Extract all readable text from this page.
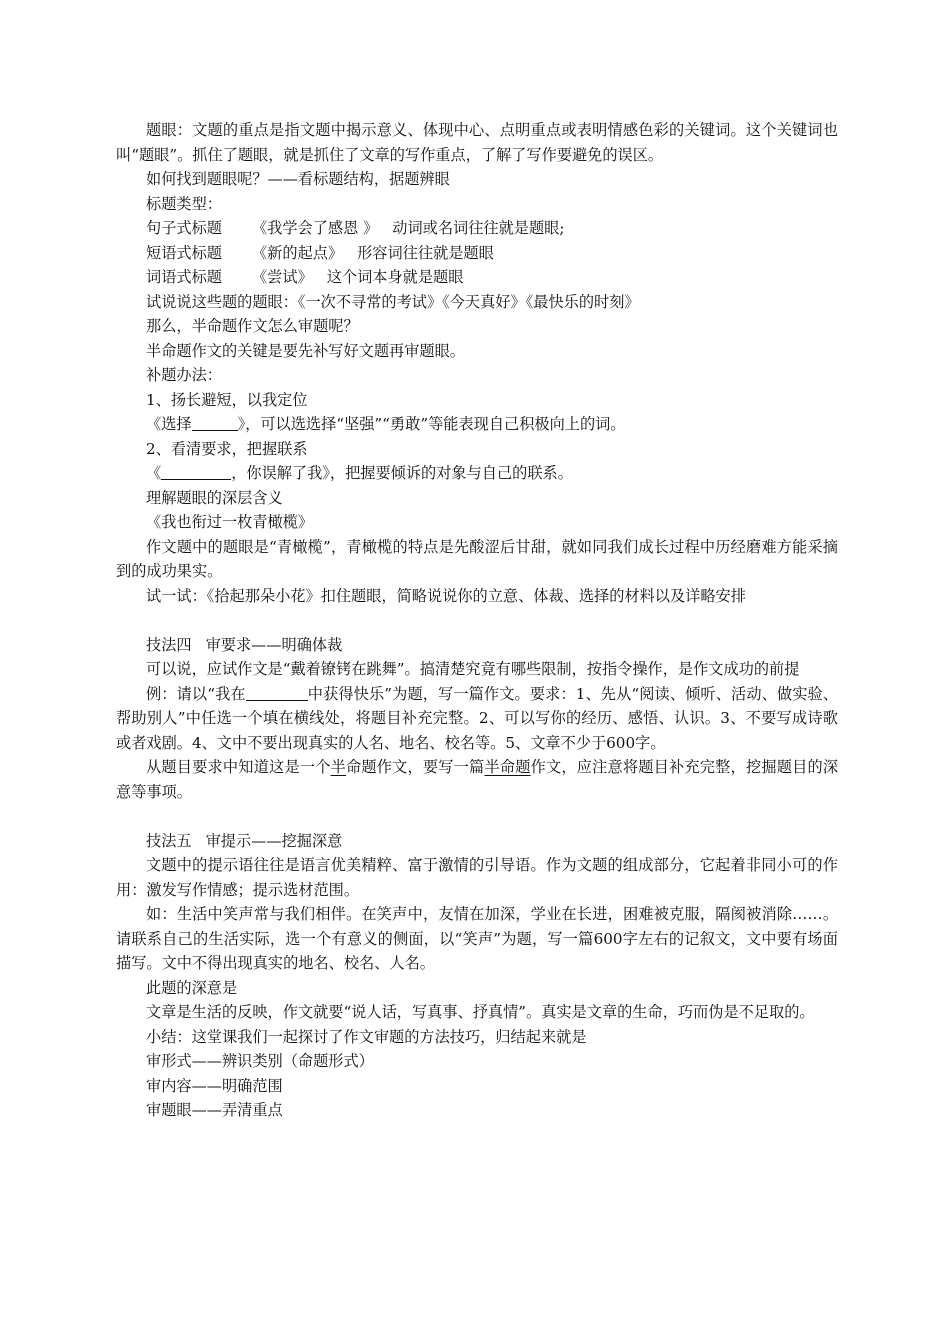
题眼：文题的重点是指文题中揭示意义、体现中心、点明重点或表明情感色彩的关键词。这个关键词也叫“题眼”。抓住了题眼，就是抓住了文章的写作重点，了解了写作要避免的误区。

如何找到题眼呢？——看标题结构，据题辨眼

标题类型：

句子式标题 《我学会了感恩 》 动词或名词往往就是题眼;

短语式标题 《新的起点》 形容词往往就是题眼

词语式标题 《尝试》 这个词本身就是题眼

试说说这些题的题眼：《一次不寻常的考试》《今天真好》《最快乐的时刻》

那么，半命题作文怎么审题呢？

半命题作文的关键是要先补写好文题再审题眼。

补题办法：

1、扬长避短，以我定位

《选择	》，可以选选择“坚强”“勇敢”等能表现自己积极向上的词。

2、看清要求，把握联系

《	，你误解了我》，把握要倾诉的对象与自己的联系。

理解题眼的深层含义

《我也衔过一枚青橄榄》

作文题中的题眼是“青橄榄”，青橄榄的特点是先酸涩后甘甜，就如同我们成长过程中历经磨难方能采摘到的成功果实。

试一试：《拾起那朵小花》扣住题眼，简略说说你的立意、体裁、选择的材料以及详略安排

技法四 审要求——明确体裁

可以说，应试作文是“戴着镣铐在跳舞”。搞清楚究竟有哪些限制，按指令操作，是作文成功的前提

例：请以“我在	中获得快乐”为题，写一篇作文。要求：1、先从“阅读、倾听、活动、做实验、帮助别人”中任选一个填在横线处，将题目补充完整。2、可以写你的经历、感悟、认识。3、不要写成诗歌或者戏剧。4、文中不要出现真实的人名、地名、校名等。5、文章不少于600字。

从题目要求中知道这是一个半命题作文，要写一篇半命题作文，应注意将题目补充完整，挖掘题目的深意等事项。

技法五 审提示——挖掘深意

文题中的提示语往往是语言优美精粹、富于激情的引导语。作为文题的组成部分，它起着非同小可的作用：激发写作情感；提示选材范围。

如：生活中笑声常与我们相伴。在笑声中，友情在加深，学业在长进，困难被克服，隔阂被消除……。请联系自己的生活实际，选一个有意义的侧面，以“笑声”为题，写一篇600字左右的记叙文，文中要有场面描写。文中不得出现真实的地名、校名、人名。

此题的深意是

文章是生活的反映，作文就要“说人话，写真事、抒真情”。真实是文章的生命，巧而伪是不足取的。

小结：这堂课我们一起探讨了作文审题的方法技巧，归结起来就是

审形式——辨识类别（命题形式）

审内容——明确范围

审题眼——弄清重点
